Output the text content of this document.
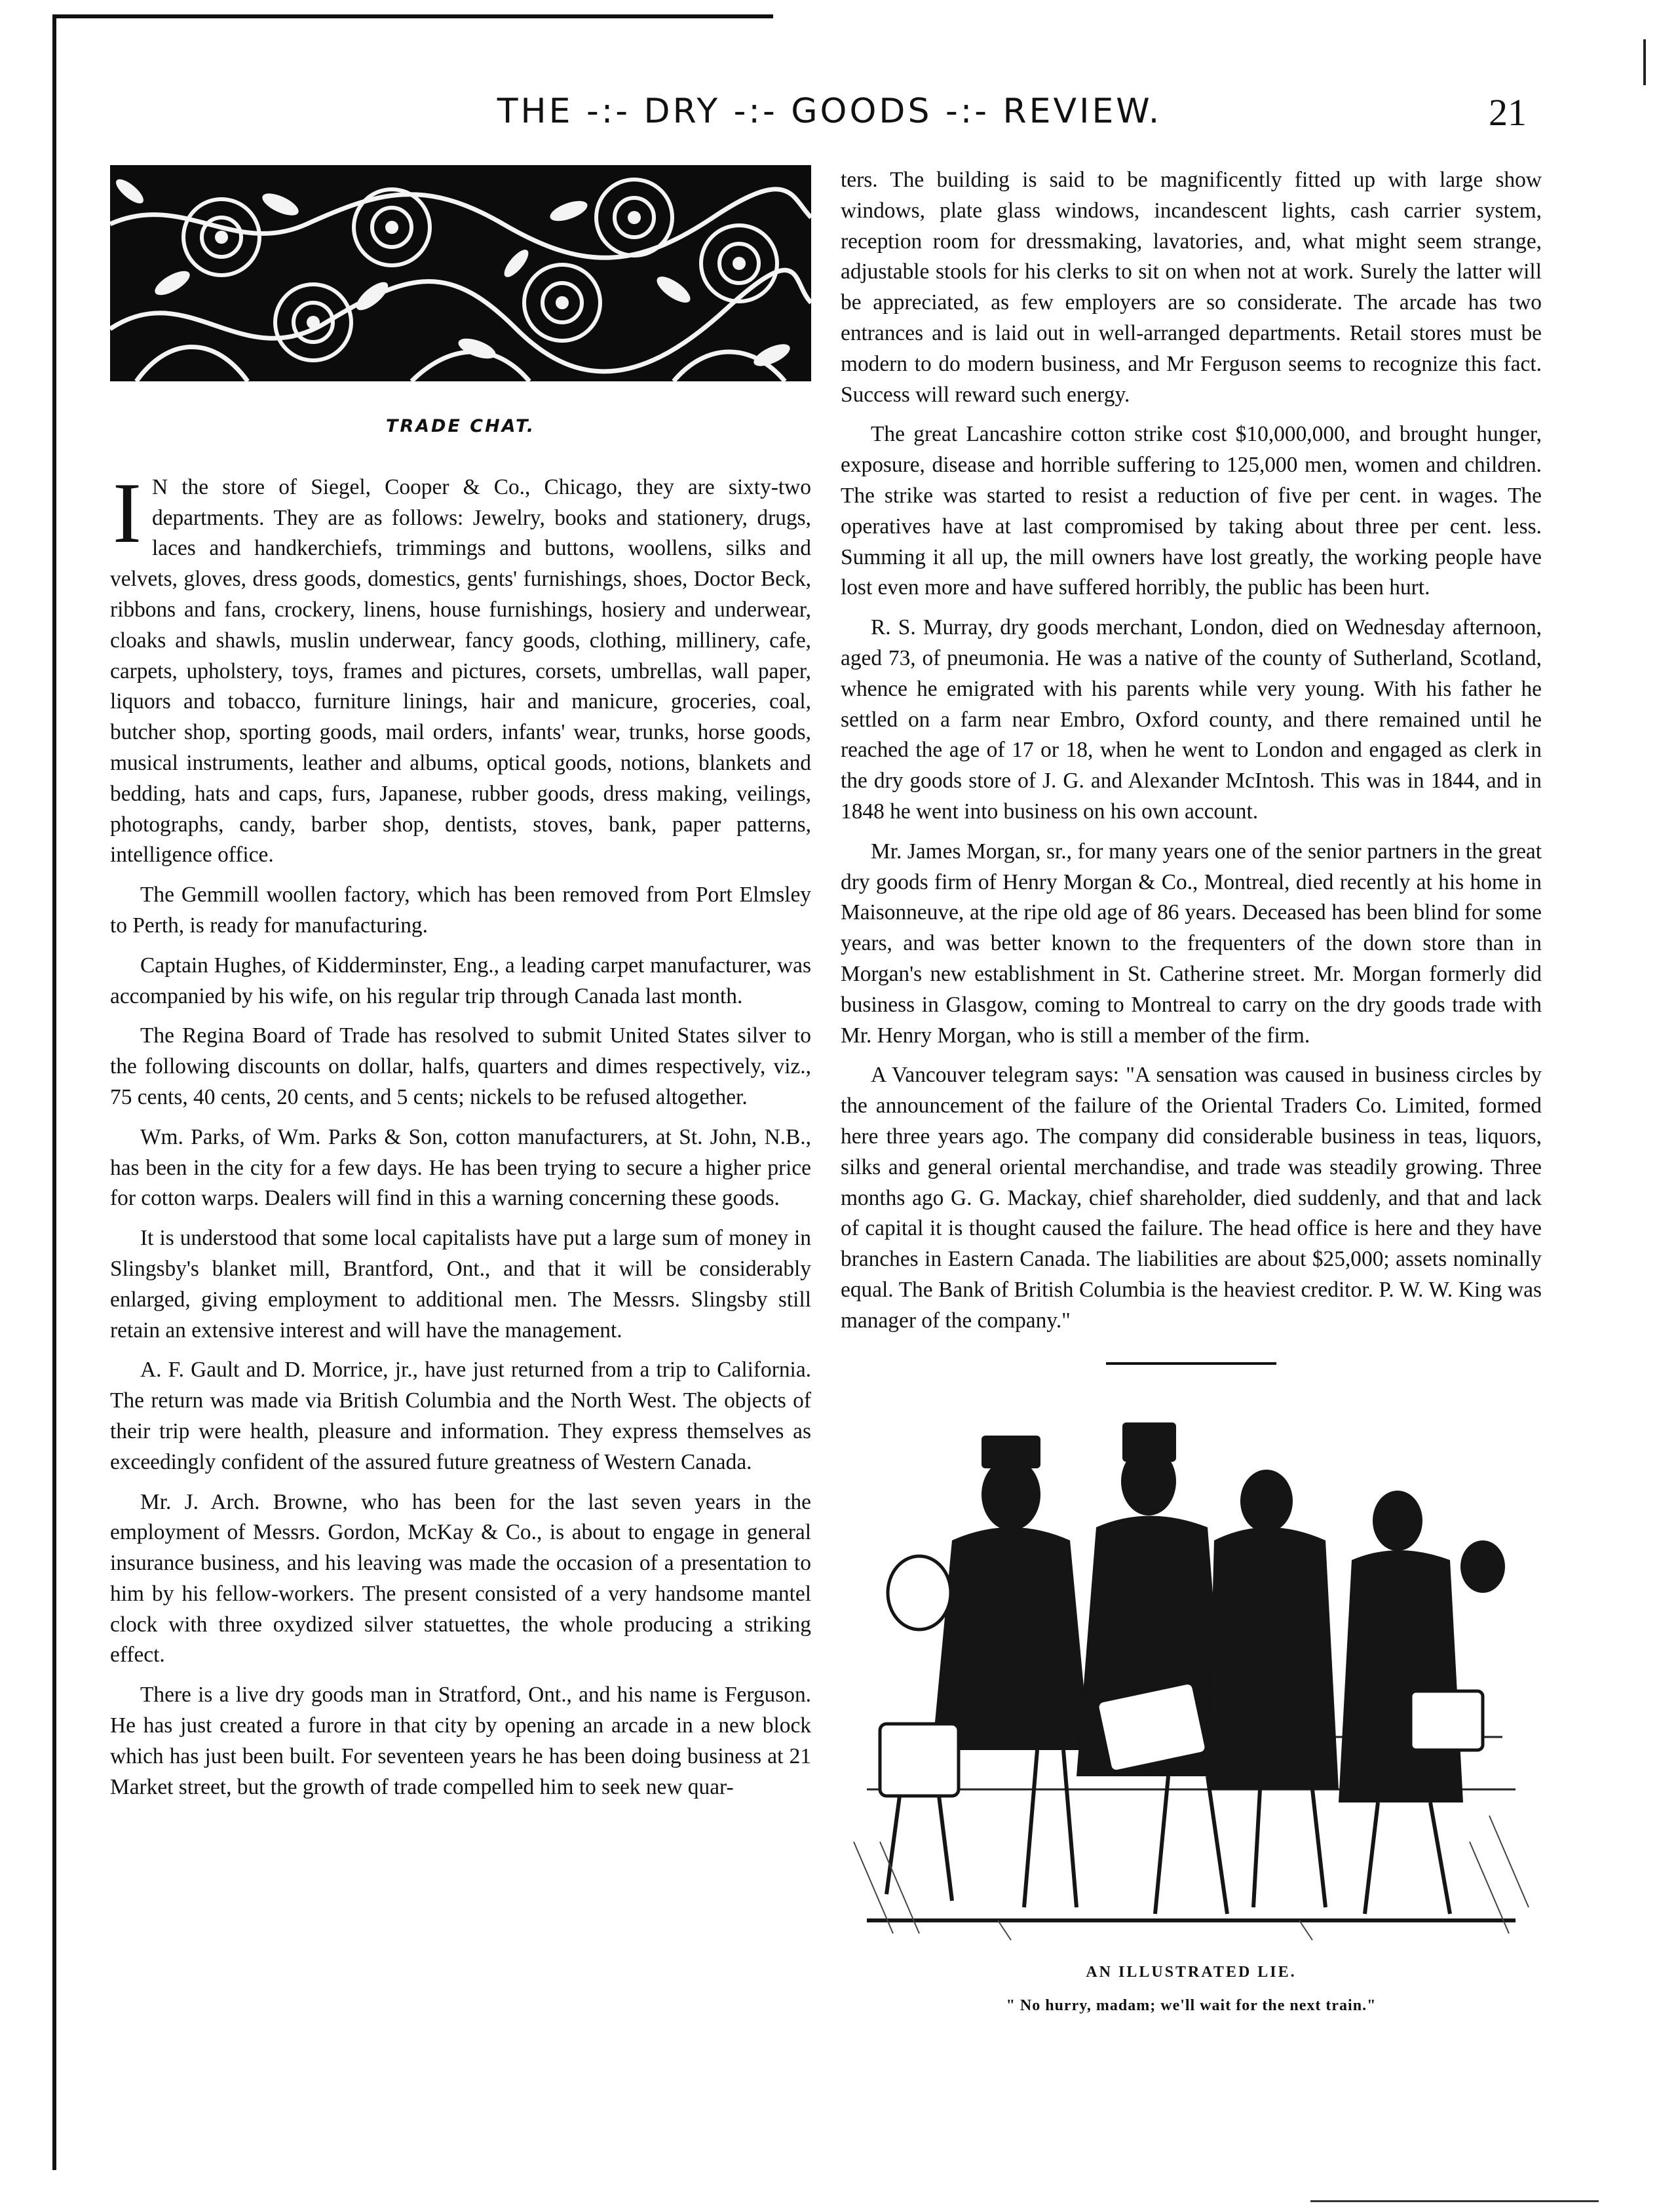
THE -:- DRY -:- GOODS -:- REVIEW.	21
TRADE CHAT.

I N the store of Siegel, Cooper & Co., Chicago, they are sixty-two departments. They are as follows: Jewelry, books and stationery, drugs, laces and handkerchiefs, trimmings and buttons, woollens, silks and velvets, gloves, dress goods, domestics, gents' furnishings, shoes, Doctor Beck, ribbons and fans, crockery, linens, house furnishings, hosiery and underwear, cloaks and shawls, muslin underwear, fancy goods, clothing, millinery, cafe, carpets, upholstery, toys, frames and pictures, corsets, umbrellas, wall paper, liquors and tobacco, furniture linings, hair and manicure, groceries, coal, butcher shop, sporting goods, mail orders, infants' wear, trunks, horse goods, musical instruments, leather and albums, optical goods, notions, blankets and bedding, hats and caps, furs, Japanese, rubber goods, dress making, veilings, photographs, candy, barber shop, dentists, stoves, bank, paper patterns, intelligence office.

The Gemmill woollen factory, which has been removed from Port Elmsley to Perth, is ready for manufacturing.

Captain Hughes, of Kidderminster, Eng., a leading carpet manufacturer, was accompanied by his wife, on his regular trip through Canada last month.

The Regina Board of Trade has resolved to submit United States silver to the following discounts on dollar, halfs, quarters and dimes respectively, viz., 75 cents, 40 cents, 20 cents, and 5 cents; nickels to be refused altogether.

Wm. Parks, of Wm. Parks & Son, cotton manufacturers, at St. John, N.B., has been in the city for a few days. He has been trying to secure a higher price for cotton warps. Dealers will find in this a warning concerning these goods.

It is understood that some local capitalists have put a large sum of money in Slingsby's blanket mill, Brantford, Ont., and that it will be considerably enlarged, giving employment to additional men. The Messrs. Slingsby still retain an extensive interest and will have the management.

A. F. Gault and D. Morrice, jr., have just returned from a trip to California. The return was made via British Columbia and the North West. The objects of their trip were health, pleasure and information. They express themselves as exceedingly confident of the assured future greatness of Western Canada.

Mr. J. Arch. Browne, who has been for the last seven years in the employment of Messrs. Gordon, McKay & Co., is about to engage in general insurance business, and his leaving was made the occasion of a presentation to him by his fellow-workers. The present consisted of a very handsome mantel clock with three oxydized silver statuettes, the whole producing a striking effect.

There is a live dry goods man in Stratford, Ont., and his name is Ferguson. He has just created a furore in that city by opening an arcade in a new block which has just been built. For seventeen years he has been doing business at 21 Market street, but the growth of trade compelled him to seek new quar-

ters. The building is said to be magnificently fitted up with large show windows, plate glass windows, incandescent lights, cash carrier system, reception room for dressmaking, lavatories, and, what might seem strange, adjustable stools for his clerks to sit on when not at work. Surely the latter will be appreciated, as few employers are so considerate. The arcade has two entrances and is laid out in well-arranged departments. Retail stores must be modern to do modern business, and Mr Ferguson seems to recognize this fact. Success will reward such energy.

The great Lancashire cotton strike cost $10,000,000, and brought hunger, exposure, disease and horrible suffering to 125,000 men, women and children. The strike was started to resist a reduction of five per cent. in wages. The operatives have at last compromised by taking about three per cent. less. Summing it all up, the mill owners have lost greatly, the working people have lost even more and have suffered horribly, the public has been hurt.

R. S. Murray, dry goods merchant, London, died on Wednesday afternoon, aged 73, of pneumonia. He was a native of the county of Sutherland, Scotland, whence he emigrated with his parents while very young. With his father he settled on a farm near Embro, Oxford county, and there remained until he reached the age of 17 or 18, when he went to London and engaged as clerk in the dry goods store of J. G. and Alexander McIntosh. This was in 1844, and in 1848 he went into business on his own account.

Mr. James Morgan, sr., for many years one of the senior partners in the great dry goods firm of Henry Morgan & Co., Montreal, died recently at his home in Maisonneuve, at the ripe old age of 86 years. Deceased has been blind for some years, and was better known to the frequenters of the down store than in Morgan's new establishment in St. Catherine street. Mr. Morgan formerly did business in Glasgow, coming to Montreal to carry on the dry goods trade with Mr. Henry Morgan, who is still a member of the firm.

A Vancouver telegram says: "A sensation was caused in business circles by the announcement of the failure of the Oriental Traders Co. Limited, formed here three years ago. The company did considerable business in teas, liquors, silks and general oriental merchandise, and trade was steadily growing. Three months ago G. G. Mackay, chief shareholder, died suddenly, and that and lack of capital it is thought caused the failure. The head office is here and they have branches in Eastern Canada. The liabilities are about $25,000; assets nominally equal. The Bank of British Columbia is the heaviest creditor. P. W. W. King was manager of the company."

AN ILLUSTRATED LIE.
" No hurry, madam; we'll wait for the next train."
